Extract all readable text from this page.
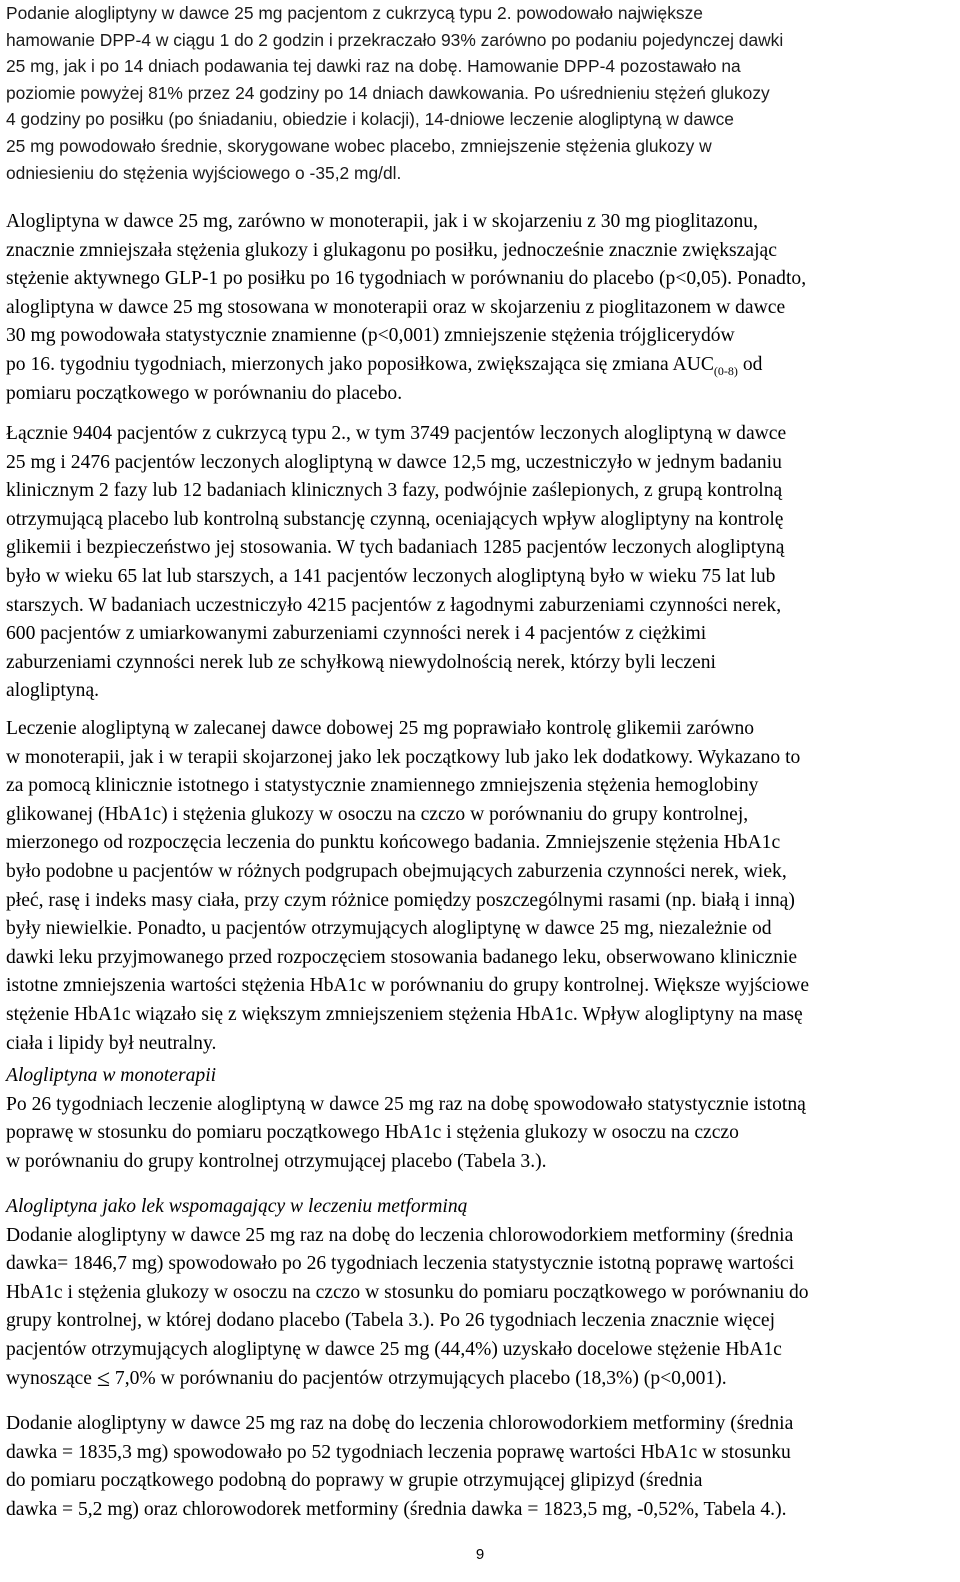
Podanie alogliptyny w dawce 25 mg pacjentom z cukrzycą typu 2. powodowało największe
hamowanie DPP-4 w ciągu 1 do 2 godzin i przekraczało 93% zarówno po podaniu pojedynczej dawki
25 mg, jak i po 14 dniach podawania tej dawki raz na dobę. Hamowanie DPP-4 pozostawało na
poziomie powyżej 81% przez 24 godziny po 14 dniach dawkowania. Po uśrednieniu stężeń glukozy
4 godziny po posiłku (po śniadaniu, obiedzie i kolacji), 14-dniowe leczenie alogliptyną w dawce
25 mg powodowało średnie, skorygowane wobec placebo, zmniejszenie stężenia glukozy w
odniesieniu do stężenia wyjściowego o -35,2 mg/dl.
Alogliptyna w dawce 25 mg, zarówno w monoterapii, jak i w skojarzeniu z 30 mg pioglitazonu,
znacznie zmniejszała stężenia glukozy i glukagonu po posiłku, jednocześnie znacznie zwiększając
stężenie aktywnego GLP-1 po posiłku po 16 tygodniach w porównaniu do placebo (p<0,05). Ponadto,
alogliptyna w dawce 25 mg stosowana w monoterapii oraz w skojarzeniu z pioglitazonem w dawce
30 mg powodowała statystycznie znamienne (p<0,001) zmniejszenie stężenia trójglicerydów
po 16. tygodniu tygodniach, mierzonych jako poposiłkowa, zwiększająca się zmiana $AUC_{(0-8)}$ od
pomiaru początkowego w porównaniu do placebo.
Łącznie 9404 pacjentów z cukrzycą typu 2., w tym 3749 pacjentów leczonych alogliptyną w dawce
25 mg i 2476 pacjentów leczonych alogliptyną w dawce 12,5 mg, uczestniczyło w jednym badaniu
klinicznym 2 fazy lub 12 badaniach klinicznych 3 fazy, podwójnie zaślepionych, z grupą kontrolną
otrzymującą placebo lub kontrolną substancję czynną, oceniających wpływ alogliptyny na kontrolę
glikemii i bezpieczeństwo jej stosowania. W tych badaniach 1285 pacjentów leczonych alogliptyną
było w wieku 65 lat lub starszych, a 141 pacjentów leczonych alogliptyną było w wieku 75 lat lub
starszych. W badaniach uczestniczyło 4215 pacjentów z łagodnymi zaburzeniami czynności nerek,
600 pacjentów z umiarkowanymi zaburzeniami czynności nerek i 4 pacjentów z ciężkimi
zaburzeniami czynności nerek lub ze schyłkową niewydolnością nerek, którzy byli leczeni
alogliptyną.
Leczenie alogliptyną w zalecanej dawce dobowej 25 mg poprawiało kontrolę glikemii zarówno
w monoterapii, jak i w terapii skojarzonej jako lek początkowy lub jako lek dodatkowy. Wykazano to
za pomocą klinicznie istotnego i statystycznie znamiennego zmniejszenia stężenia hemoglobiny
glikowanej (HbA1c) i stężenia glukozy w osoczu na czczo w porównaniu do grupy kontrolnej,
mierzonego od rozpoczęcia leczenia do punktu końcowego badania. Zmniejszenie stężenia HbA1c
było podobne u pacjentów w różnych podgrupach obejmujących zaburzenia czynności nerek, wiek,
płeć, rasę i indeks masy ciała, przy czym różnice pomiędzy poszczególnymi rasami (np. białą i inną)
były niewielkie. Ponadto, u pacjentów otrzymujących alogliptynę w dawce 25 mg, niezależnie od
dawki leku przyjmowanego przed rozpoczęciem stosowania badanego leku, obserwowano klinicznie
istotne zmniejszenia wartości stężenia HbA1c w porównaniu do grupy kontrolnej. Większe wyjściowe
stężenie HbA1c wiązało się z większym zmniejszeniem stężenia HbA1c. Wpływ alogliptyny na masę
ciała i lipidy był neutralny.
Alogliptyna w monoterapii
Po 26 tygodniach leczenie alogliptyną w dawce 25 mg raz na dobę spowodowało statystycznie istotną
poprawę w stosunku do pomiaru początkowego HbA1c i stężenia glukozy w osoczu na czczo
w porównaniu do grupy kontrolnej otrzymującej placebo (Tabela 3.).
Alogliptyna jako lek wspomagający w leczeniu metforminą
Dodanie alogliptyny w dawce 25 mg raz na dobę do leczenia chlorowodorkiem metforminy (średnia
dawka= 1846,7 mg) spowodowało po 26 tygodniach leczenia statystycznie istotną poprawę wartości
HbA1c i stężenia glukozy w osoczu na czczo w stosunku do pomiaru początkowego w porównaniu do
grupy kontrolnej, w której dodano placebo (Tabela 3.). Po 26 tygodniach leczenia znacznie więcej
pacjentów otrzymujących alogliptynę w dawce 25 mg (44,4%) uzyskało docelowe stężenie HbA1c
wynoszące ≤ 7,0% w porównaniu do pacjentów otrzymujących placebo (18,3%) (p<0,001).
Dodanie alogliptyny w dawce 25 mg raz na dobę do leczenia chlorowodorkiem metforminy (średnia
dawka = 1835,3 mg) spowodowało po 52 tygodniach leczenia poprawę wartości HbA1c w stosunku
do pomiaru początkowego podobną do poprawy w grupie otrzymującej glipizyd (średnia
dawka = 5,2 mg) oraz chlorowodorek metforminy (średnia dawka = 1823,5 mg, -0,52%, Tabela 4.).
9
